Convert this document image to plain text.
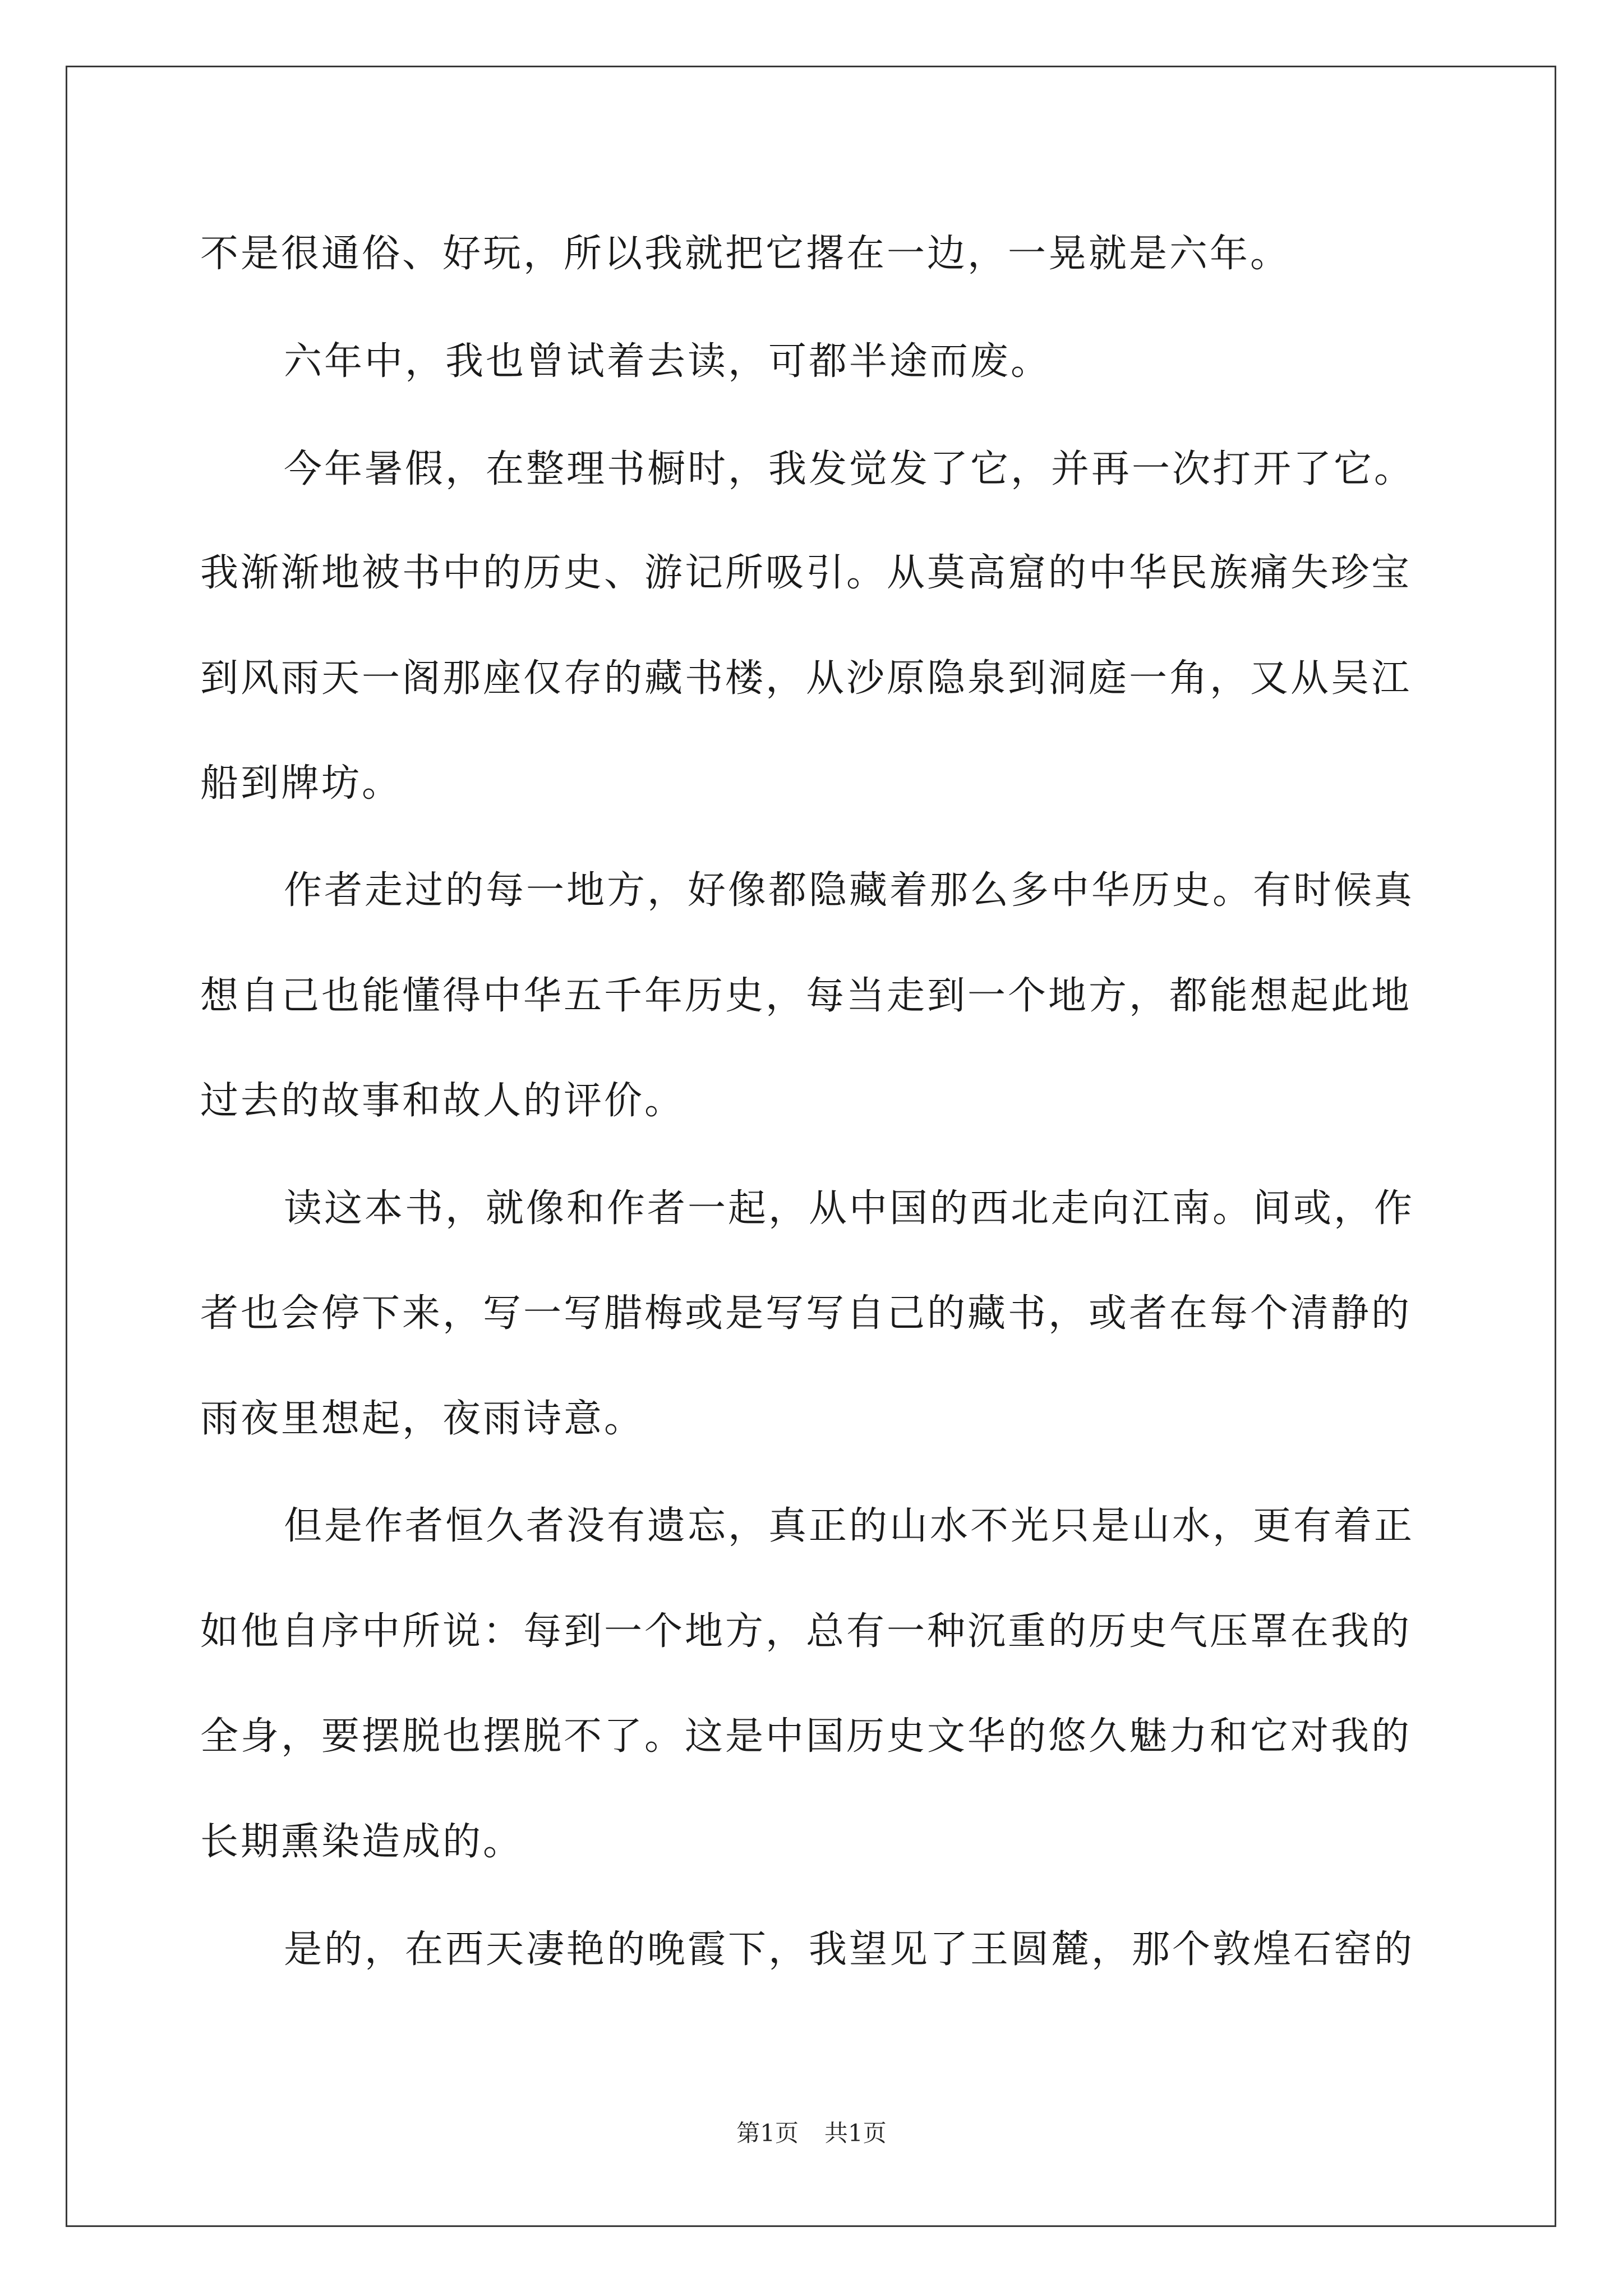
不是很通俗、好玩，所以我就把它撂在一边，一晃就是六年。
六年中，我也曾试着去读，可都半途而废。
今年暑假，在整理书橱时，我发觉发了它，并再一次打开了它。
我渐渐地被书中的历史、游记所吸引。从莫高窟的中华民族痛失珍宝
到风雨天一阁那座仅存的藏书楼，从沙原隐泉到洞庭一角，又从吴江
船到牌坊。
作者走过的每一地方，好像都隐藏着那么多中华历史。有时候真
想自己也能懂得中华五千年历史，每当走到一个地方，都能想起此地
过去的故事和故人的评价。
读这本书，就像和作者一起，从中国的西北走向江南。间或，作
者也会停下来，写一写腊梅或是写写自己的藏书，或者在每个清静的
雨夜里想起，夜雨诗意。
但是作者恒久者没有遗忘，真正的山水不光只是山水，更有着正
如他自序中所说：每到一个地方，总有一种沉重的历史气压罩在我的
全身，要摆脱也摆脱不了。这是中国历史文华的悠久魅力和它对我的
长期熏染造成的。
是的，在西天凄艳的晚霞下，我望见了王圆麓，那个敦煌石窑的
第1页 共1页
